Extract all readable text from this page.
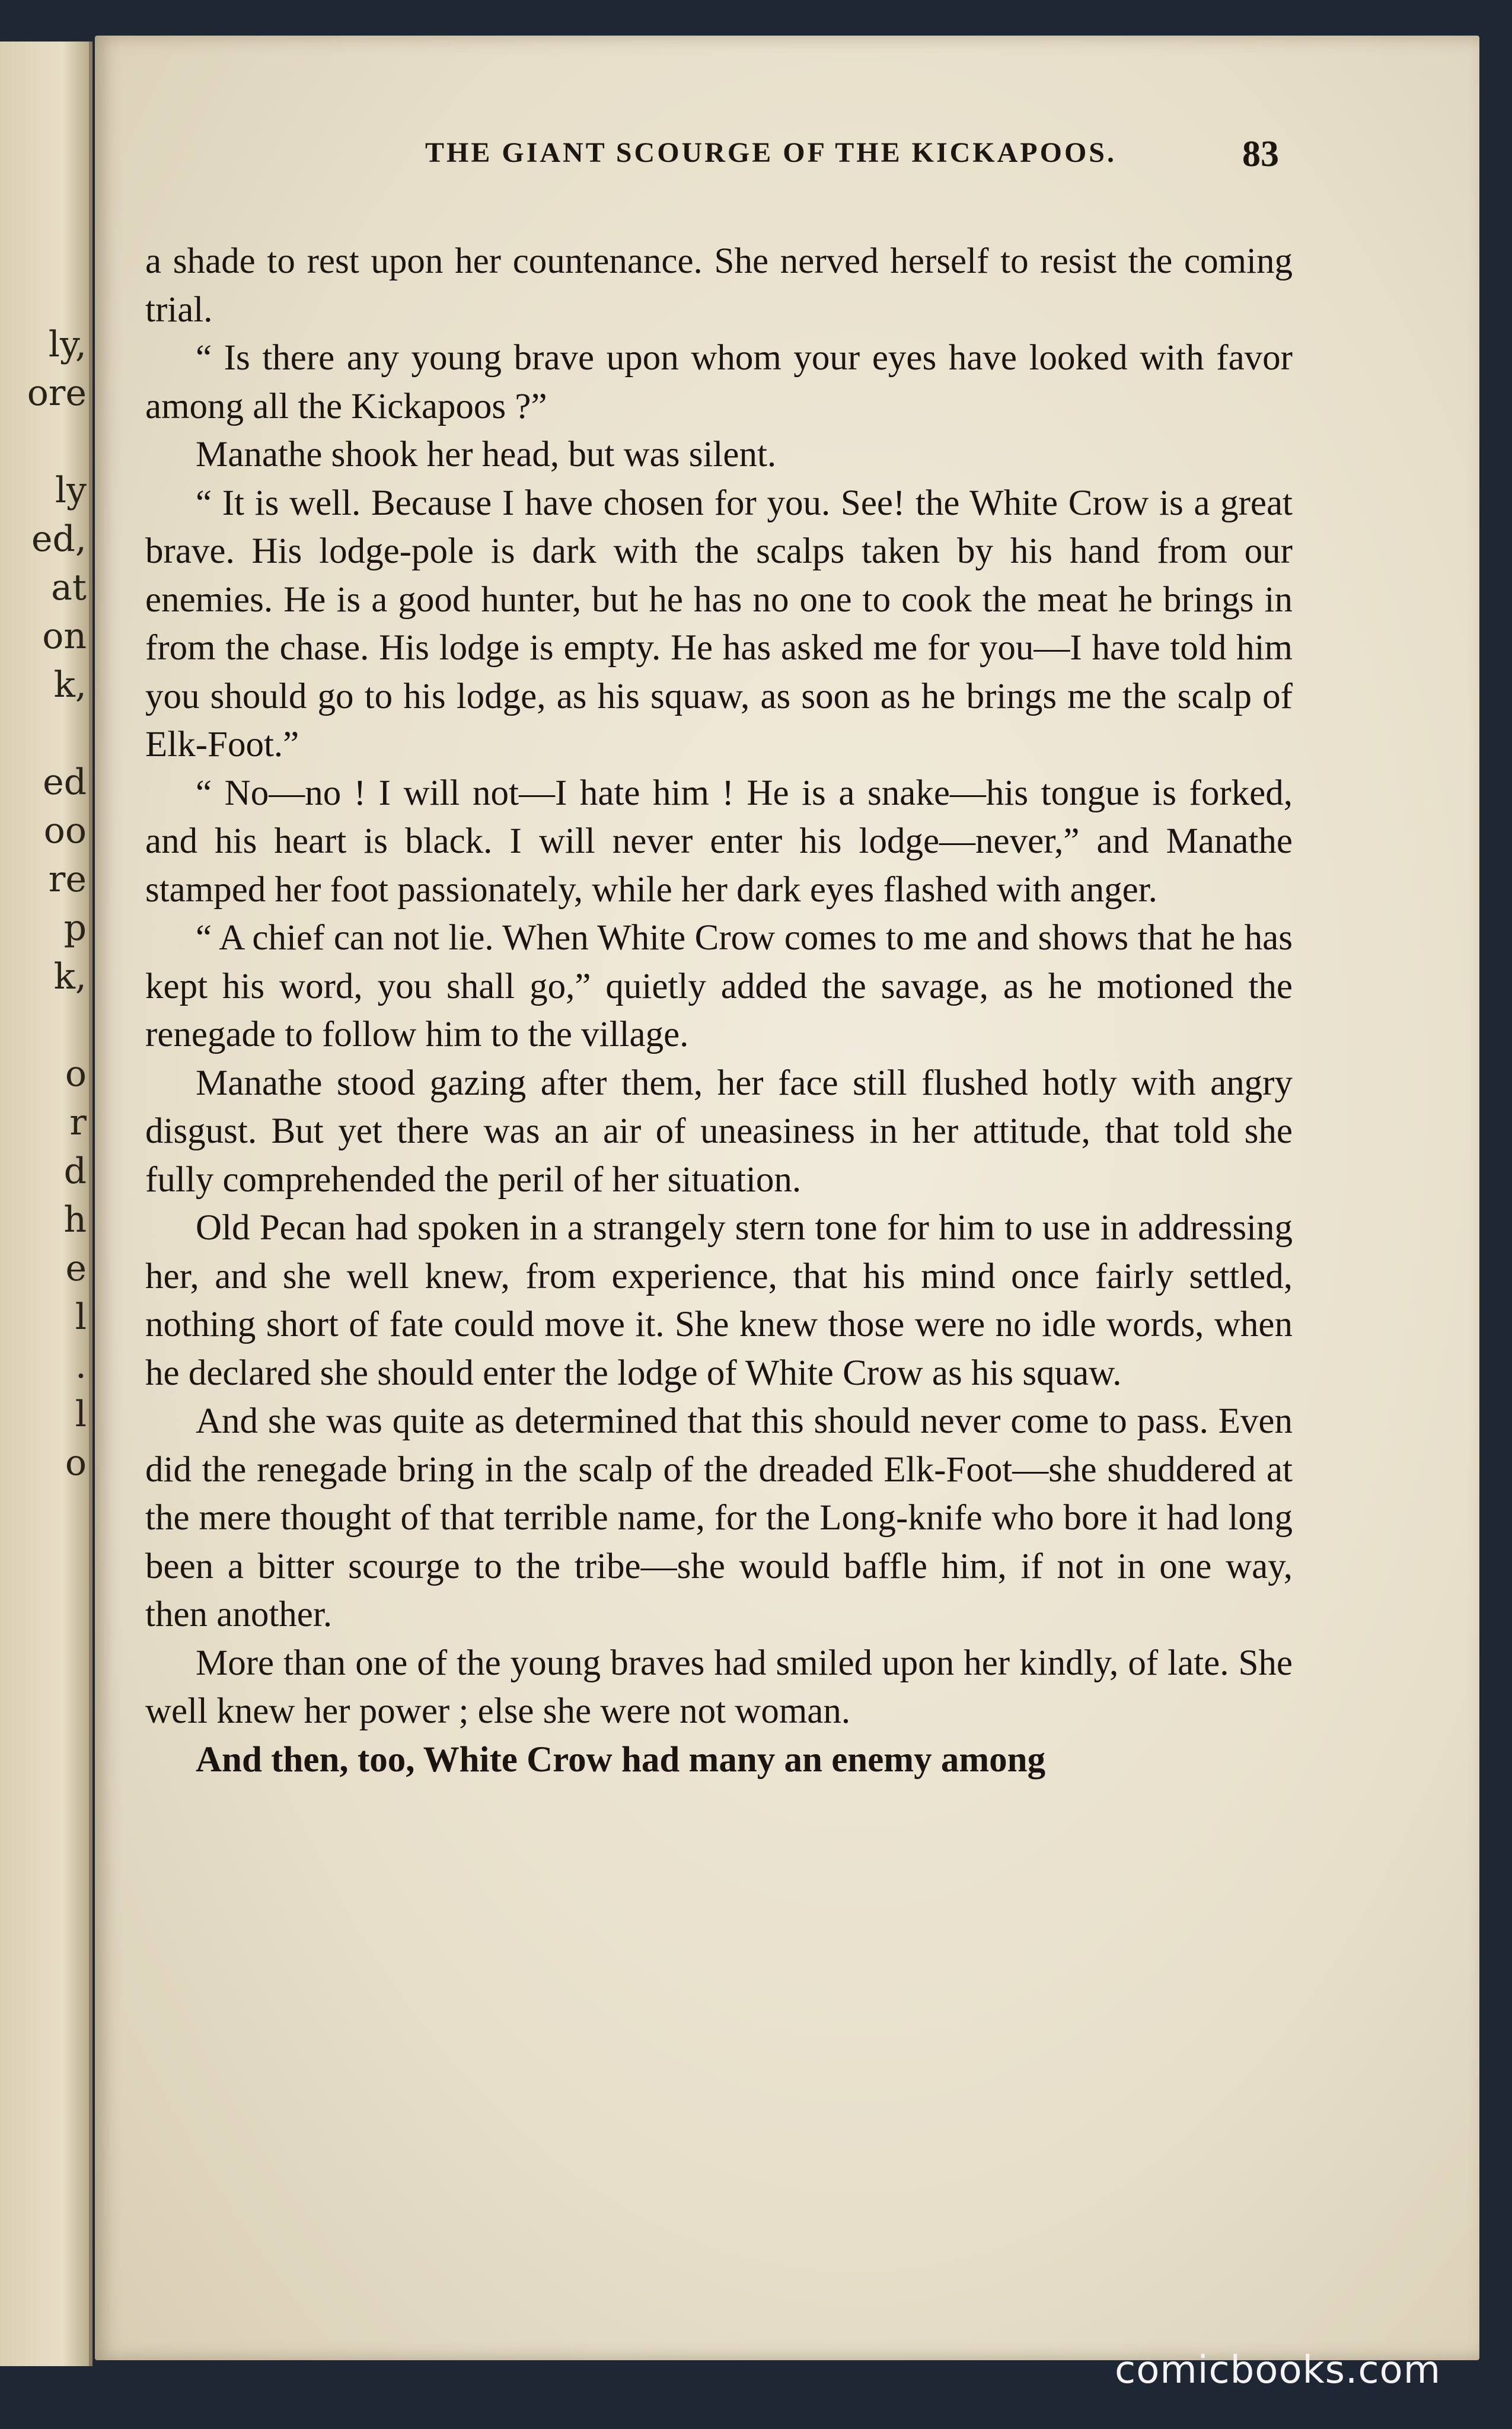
ly,
ore
ly
ed,
at
on
k,
ed
oo
re
p
k,
o
r
d
h
e
l
.
l
o
THE GIANT SCOURGE OF THE KICKAPOOS.	83

a shade to rest upon her countenance. She nerved herself to resist the coming trial.

“ Is there any young brave upon whom your eyes have looked with favor among all the Kickapoos ?”

Manathe shook her head, but was silent.

“ It is well. Because I have chosen for you. See! the White Crow is a great brave. His lodge-pole is dark with the scalps taken by his hand from our enemies. He is a good hunter, but he has no one to cook the meat he brings in from the chase. His lodge is empty. He has asked me for you—I have told him you should go to his lodge, as his squaw, as soon as he brings me the scalp of Elk-Foot.”

“ No—no ! I will not—I hate him ! He is a snake—his tongue is forked, and his heart is black. I will never enter his lodge—never,” and Manathe stamped her foot passionately, while her dark eyes flashed with anger.

“ A chief can not lie. When White Crow comes to me and shows that he has kept his word, you shall go,” quietly added the savage, as he motioned the renegade to follow him to the village.

Manathe stood gazing after them, her face still flushed hotly with angry disgust. But yet there was an air of uneasiness in her attitude, that told she fully comprehended the peril of her situation.

Old Pecan had spoken in a strangely stern tone for him to use in addressing her, and she well knew, from experience, that his mind once fairly settled, nothing short of fate could move it. She knew those were no idle words, when he declared she should enter the lodge of White Crow as his squaw.

And she was quite as determined that this should never come to pass. Even did the renegade bring in the scalp of the dreaded Elk-Foot—she shuddered at the mere thought of that terrible name, for the Long-knife who bore it had long been a bitter scourge to the tribe—she would baffle him, if not in one way, then another.

More than one of the young braves had smiled upon her kindly, of late. She well knew her power ; else she were not woman.

And then, too, White Crow had many an enemy among

comicbooks.com
